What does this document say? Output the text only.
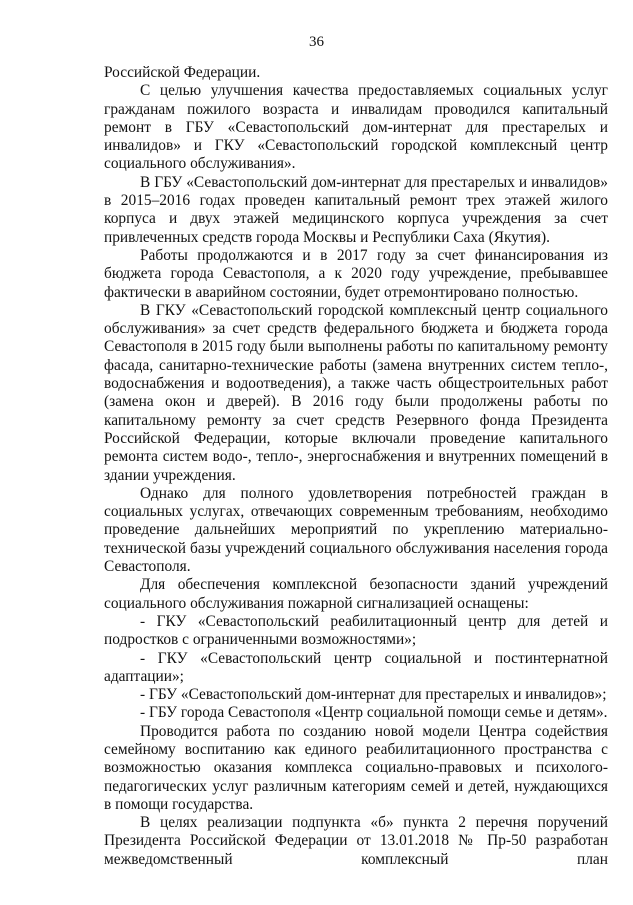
36

Российской Федерации.

С целью улучшения качества предоставляемых социальных услуг гражданам пожилого возраста и инвалидам проводился капитальный ремонт в ГБУ «Севастопольский дом-интернат для престарелых и инвалидов» и ГКУ «Севастопольский городской комплексный центр социального обслуживания».

В ГБУ «Севастопольский дом-интернат для престарелых и инвалидов» в 2015–2016 годах проведен капитальный ремонт трех этажей жилого корпуса и двух этажей медицинского корпуса учреждения за счет привлеченных средств города Москвы и Республики Саха (Якутия).

Работы продолжаются и в 2017 году за счет финансирования из бюджета города Севастополя, а к 2020 году учреждение, пребывавшее фактически в аварийном состоянии, будет отремонтировано полностью.

В ГКУ «Севастопольский городской комплексный центр социального обслуживания» за счет средств федерального бюджета и бюджета города Севастополя в 2015 году были выполнены работы по капитальному ремонту фасада, санитарно-технические работы (замена внутренних систем тепло-, водоснабжения и водоотведения), а также часть общестроительных работ (замена окон и дверей). В 2016 году были продолжены работы по капитальному ремонту за счет средств Резервного фонда Президента Российской Федерации, которые включали проведение капитального ремонта систем водо-, тепло-, энергоснабжения и внутренних помещений в здании учреждения.

Однако для полного удовлетворения потребностей граждан в социальных услугах, отвечающих современным требованиям, необходимо проведение дальнейших мероприятий по укреплению материально-технической базы учреждений социального обслуживания населения города Севастополя.

Для обеспечения комплексной безопасности зданий учреждений социального обслуживания пожарной сигнализацией оснащены:

- ГКУ «Севастопольский реабилитационный центр для детей и подростков с ограниченными возможностями»;

- ГКУ «Севастопольский центр социальной и постинтернатной адаптации»;

- ГБУ «Севастопольский дом-интернат для престарелых и инвалидов»;

- ГБУ города Севастополя «Центр социальной помощи семье и детям».

Проводится работа по созданию новой модели Центра содействия семейному воспитанию как единого реабилитационного пространства с возможностью оказания комплекса социально-правовых и психолого-педагогических услуг различным категориям семей и детей, нуждающихся в помощи государства.

В целях реализации подпункта «б» пункта 2 перечня поручений Президента Российской Федерации от 13.01.2018 № Пр-50 разработан межведомственный комплексный план
